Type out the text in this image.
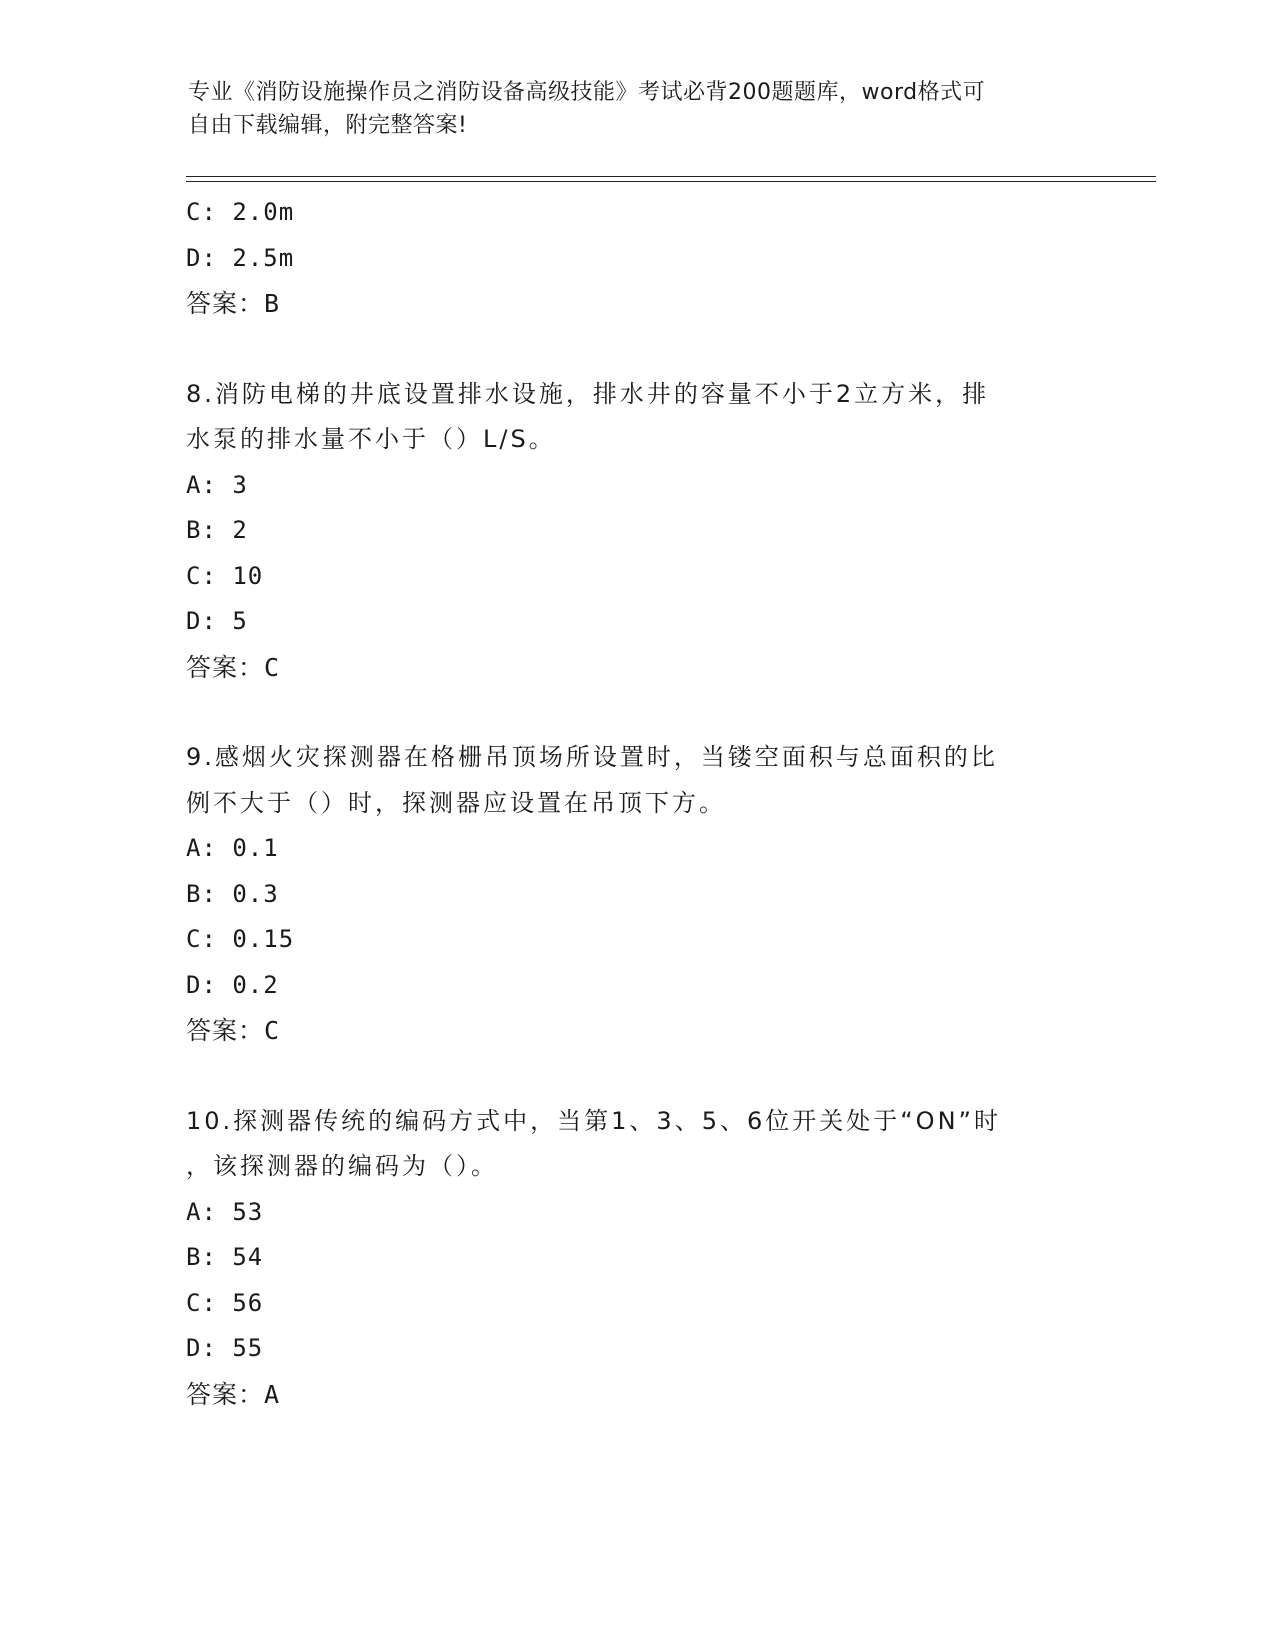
专业《消防设施操作员之消防设备高级技能》考试必背200题题库，word格式可
自由下载编辑，附完整答案!
C: 2.0m
D: 2.5m
答案：B
8.消防电梯的井底设置排水设施，排水井的容量不小于2立方米，排
水泵的排水量不小于（）L/S。
A: 3
B: 2
C: 10
D: 5
答案：C
9.感烟火灾探测器在格栅吊顶场所设置时，当镂空面积与总面积的比
例不大于（）时，探测器应设置在吊顶下方。
A: 0.1
B: 0.3
C: 0.15
D: 0.2
答案：C
10.探测器传统的编码方式中，当第1、3、5、6位开关处于“ON”时
，该探测器的编码为（）。
A: 53
B: 54
C: 56
D: 55
答案：A
